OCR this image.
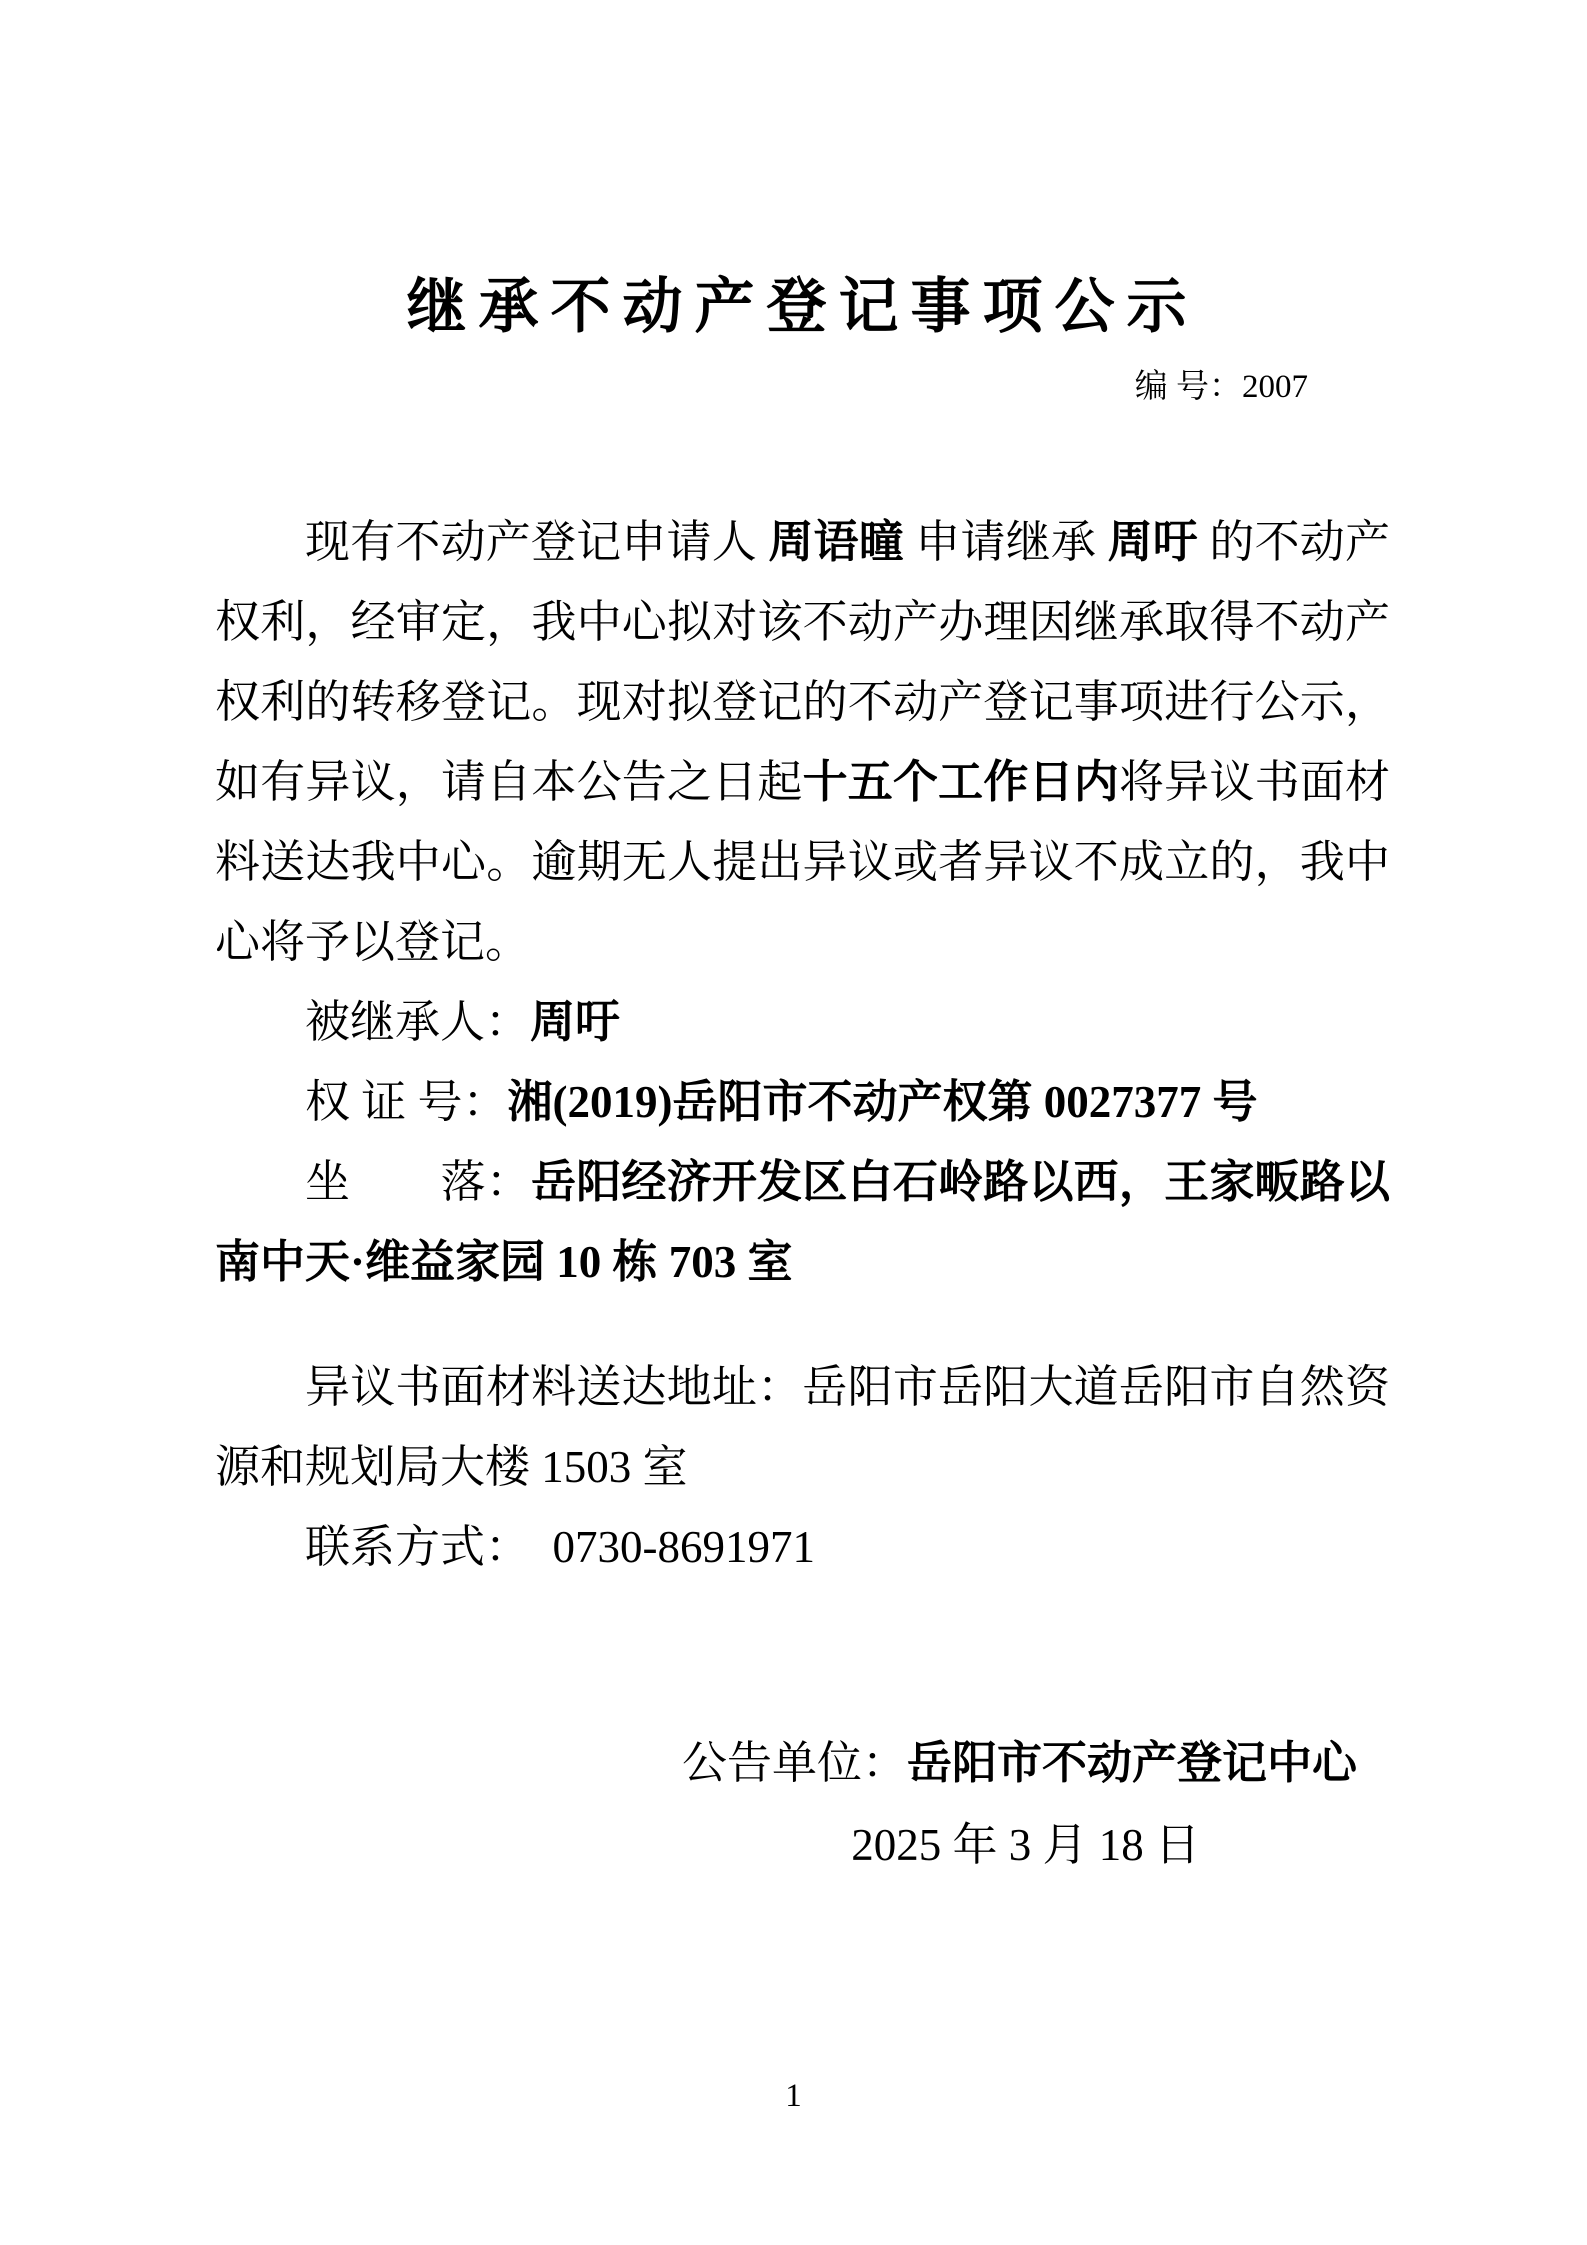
继承不动产登记事项公示
编 号：2007
现有不动产登记申请人 周语曈 申请继承 周吁 的不动产权利，经审定，我中心拟对该不动产办理因继承取得不动产权利的转移登记。现对拟登记的不动产登记事项进行公示，如有异议，请自本公告之日起十五个工作日内将异议书面材料送达我中心。逾期无人提出异议或者异议不成立的，我中心将予以登记。
被继承人：周吁
权 证 号：湘(2019)岳阳市不动产权第 0027377 号
坐　　落：岳阳经济开发区白石岭路以西，王家畈路以南中天·维益家园 10 栋 703 室
异议书面材料送达地址：岳阳市岳阳大道岳阳市自然资源和规划局大楼 1503 室
联系方式： 0730-8691971
公告单位：岳阳市不动产登记中心
2025 年 3 月 18 日
1
